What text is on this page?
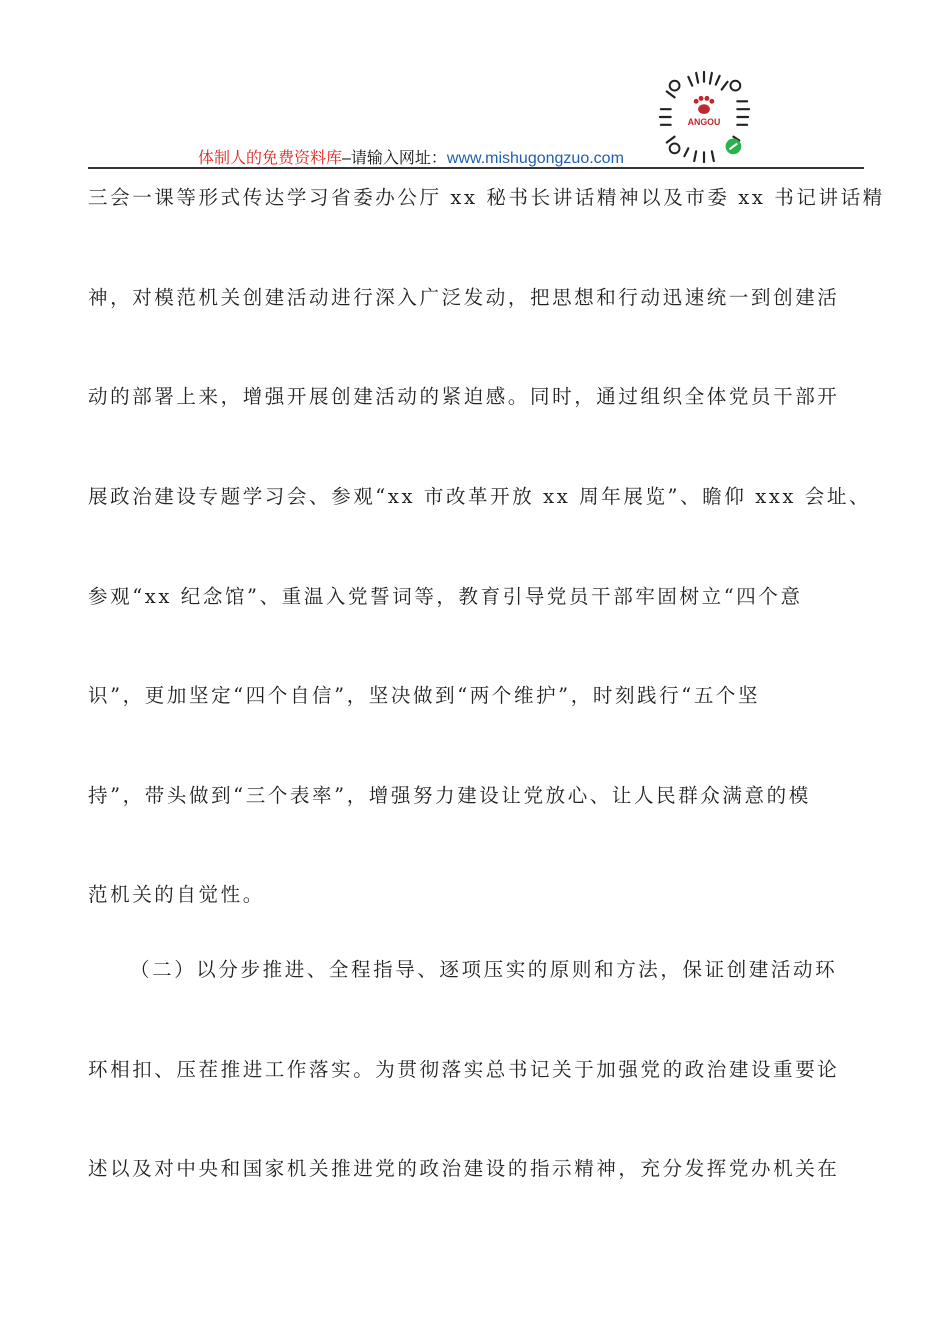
体制人的免费资料库–请输入网址：www.mishugongzuo.com
ANGOU
三会一课等形式传达学习省委办公厅 xx 秘书长讲话精神以及市委 xx 书记讲话精
神，对模范机关创建活动进行深入广泛发动，把思想和行动迅速统一到创建活
动的部署上来，增强开展创建活动的紧迫感。同时，通过组织全体党员干部开
展政治建设专题学习会、参观“xx 市改革开放 xx 周年展览”、瞻仰 xxx 会址、
参观“xx 纪念馆”、重温入党誓词等，教育引导党员干部牢固树立“四个意
识”，更加坚定“四个自信”，坚决做到“两个维护”，时刻践行“五个坚
持”，带头做到“三个表率”，增强努力建设让党放心、让人民群众满意的模
范机关的自觉性。
（二）以分步推进、全程指导、逐项压实的原则和方法，保证创建活动环
环相扣、压茬推进工作落实。为贯彻落实总书记关于加强党的政治建设重要论
述以及对中央和国家机关推进党的政治建设的指示精神，充分发挥党办机关在
